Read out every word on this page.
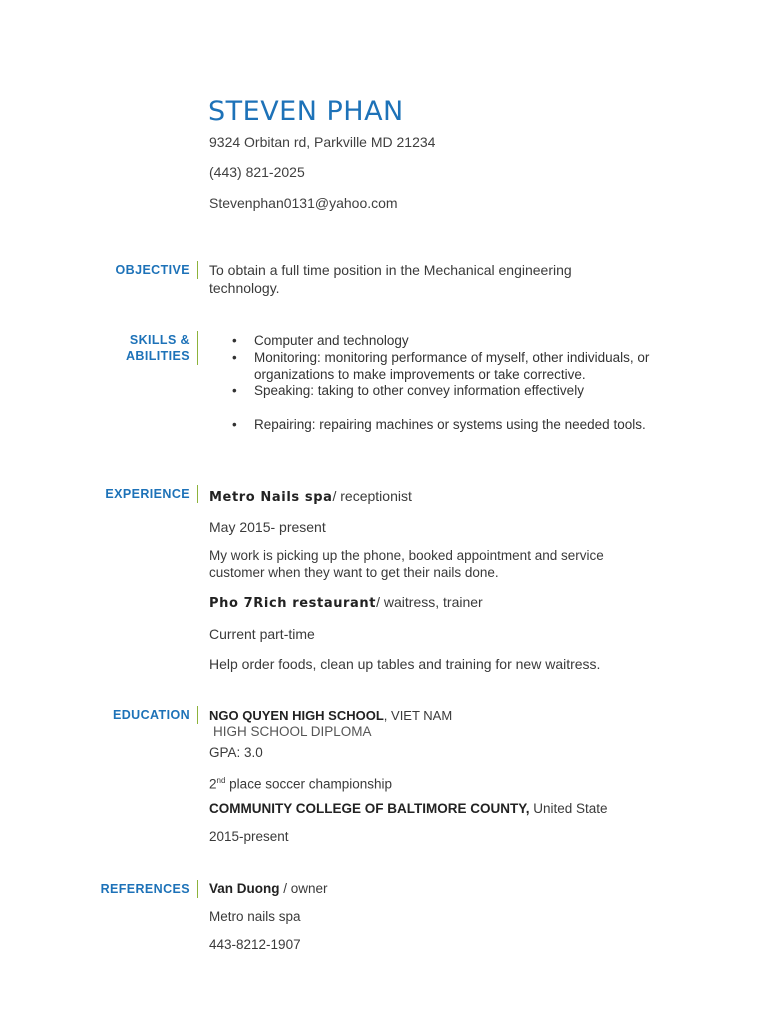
STEVEN PHAN
9324 Orbitan rd, Parkville MD 21234
(443) 821-2025
Stevenphan0131@yahoo.com
OBJECTIVE To obtain a full time position in the Mechanical engineering
technology.
SKILLS &
ABILITIES
• Computer and technology
• Monitoring: monitoring performance of myself, other individuals, or organizations to make improvements or take corrective.
• Speaking: taking to other convey information effectively
• Repairing: repairing machines or systems using the needed tools.
EXPERIENCE Metro Nails spa/ receptionist
May 2015- present
My work is picking up the phone, booked appointment and service customer when they want to get their nails done.
Pho 7Rich restaurant/ waitress, trainer
Current part-time
Help order foods, clean up tables and training for new waitress.
EDUCATION NGO QUYEN HIGH SCHOOL, VIET NAM
HIGH SCHOOL DIPLOMA
GPA: 3.0
2nd place soccer championship
COMMUNITY COLLEGE OF BALTIMORE COUNTY, United State
2015-present
REFERENCES Van Duong / owner
Metro nails spa
443-8212-1907
